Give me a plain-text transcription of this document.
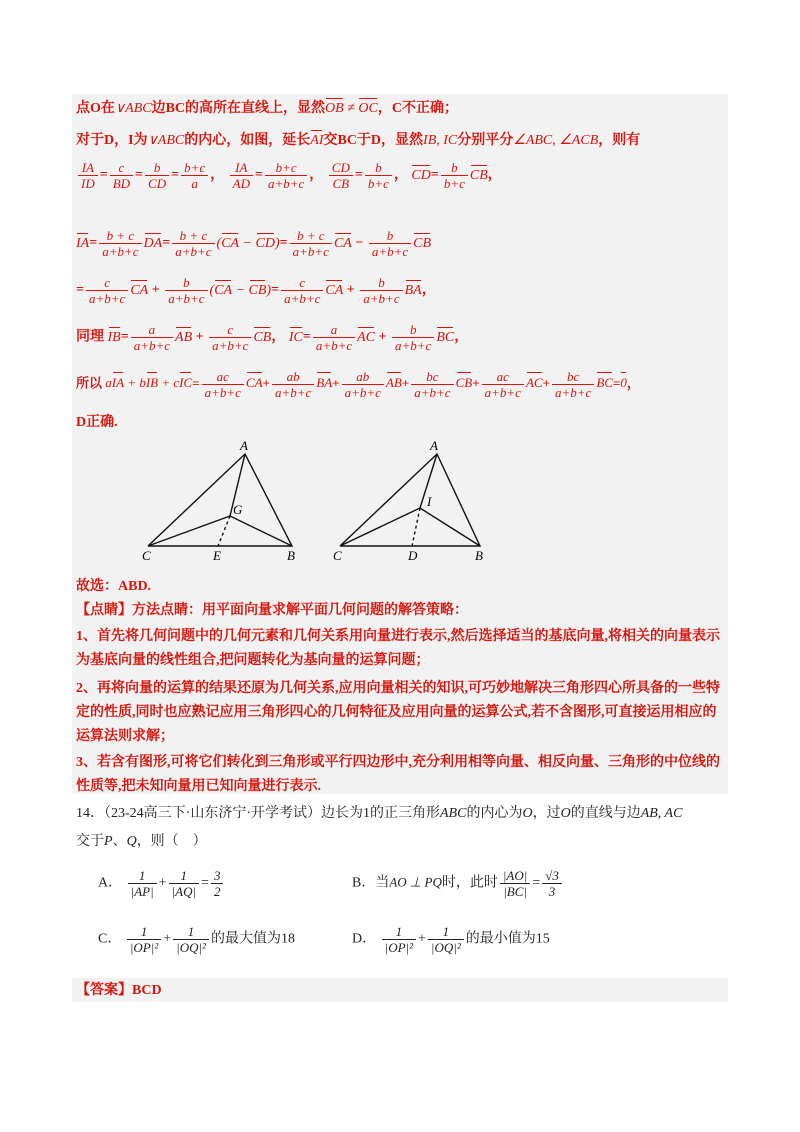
点O在∨ABC边BC的高所在直线上，显然OB ≠ OC，C不正确；
对于D，I为∨ABC的内心，如图，延长AI交BC于D，显然IB, IC分别平分∠ABC, ∠ACB，则有
$\frac{IA}{ID} = \frac{c}{BD} = \frac{b}{CD} = \frac{b+c}{a}$ ， $\frac{IA}{AD} = \frac{b+c}{a+b+c}$ ， $\frac{CD}{CB} = \frac{b}{b+c}$ ， $CD= \frac{b}{b+c}$ CB，
$IA= \frac{b + c}{a+b+c} DA= \frac{b + c}{a+b+c} (CA - CD)= \frac{b + c}{a+b+c}$ CA − $\frac{b}{a+b+c}$ CB
= $\frac{c}{a+b+c}$ CA + $\frac{b}{a+b+c} (CA - CB)= \frac{c}{a+b+c}$ CA + $\frac{b}{a+b+c}$ BA，
同理 $IB= \frac{a}{a+b+c}$ AB + $\frac{c}{a+b+c}$ CB， $IC= \frac{a}{a+b+c}$ AC + $\frac{b}{a+b+c}$ BC，
所以 aIA + bIB + $cIC= \frac{ac}{a+b+c} CA+ \frac{ab}{a+b+c} BA+ \frac{ab}{a+b+c} AB+ \frac{bc}{a+b+c} CB+ \frac{ac}{a+b+c} AC+ \frac{bc}{a+b+c} BC=0$，
D正确.
A
G
C	E	B
A
I
C	D	B
故选：ABD.
【点睛】方法点睛：用平面向量求解平面几何问题的解答策略：
1、首先将几何问题中的几何元素和几何关系用向量进行表示,然后选择适当的基底向量,将相关的向量表示
为基底向量的线性组合,把问题转化为基向量的运算问题；
2、再将向量的运算的结果还原为几何关系,应用向量相关的知识,可巧妙地解决三角形四心所具备的一些特
定的性质,同时也应熟记应用三角形四心的几何特征及应用向量的运算公式,若不含图形,可直接运用相应的
运算法则求解；
3、若含有图形,可将它们转化到三角形或平行四边形中,充分利用相等向量、相反向量、三角形的中位线的
性质等,把未知向量用已知向量进行表示.
14．（23-24高三下·山东济宁·开学考试）边长为1的正三角形ABC的内心为O，过O的直线与边AB, AC
交于P、Q，则（　）
A． $\frac{1}{|AP|} + \frac{1}{|AQ|} = \frac{3}{2}$	B．当AO ⊥ PQ时，此时 $\frac{|AO|}{|BC|} = \frac{√3}{3}$
C． $\frac{1}{\text{|OP|²}} + \frac{1}{\text{|OQ|²}}$ 的最大值为18	D． $\frac{1}{\text{|OP|²}} + \frac{1}{\text{|OQ|²}}$ 的最小值为15
【答案】BCD
